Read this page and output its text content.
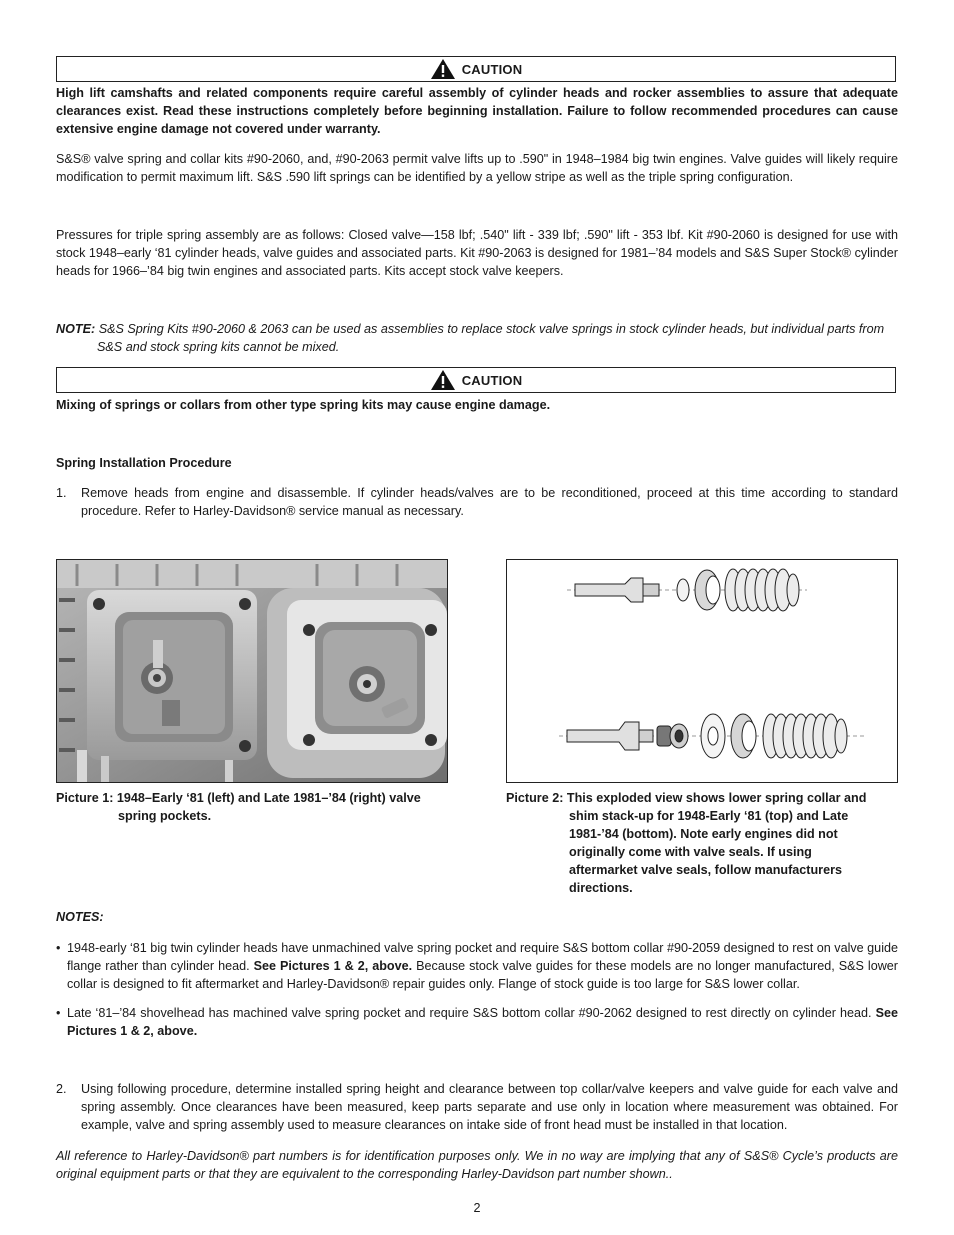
CAUTION

High lift camshafts and related components require careful assembly of cylinder heads and rocker assemblies to assure that adequate clearances exist. Read these instructions completely before beginning installation. Failure to follow recommended procedures can cause extensive engine damage not covered under warranty.

S&S® valve spring and collar kits #90-2060, and, #90-2063 permit valve lifts up to .590" in 1948–1984 big twin engines. Valve guides will likely require modification to permit maximum lift. S&S .590 lift springs can be identified by a yellow stripe as well as the triple spring configuration.

Pressures for triple spring assembly are as follows: Closed valve—158 lbf; .540" lift - 339 lbf; .590" lift - 353 lbf. Kit #90-2060 is designed for use with stock 1948–early ‘81 cylinder heads, valve guides and associated parts. Kit #90-2063 is designed for 1981–’84 models and S&S Super Stock® cylinder heads for 1966–’84 big twin engines and associated parts. Kits accept stock valve keepers.

NOTE: S&S Spring Kits #90-2060 & 2063 can be used as assemblies to replace stock valve springs in stock cylinder heads, but individual parts from S&S and stock spring kits cannot be mixed.

CAUTION

Mixing of springs or collars from other type spring kits may cause engine damage.

Spring Installation Procedure

1. Remove heads from engine and disassemble. If cylinder heads/valves are to be reconditioned, proceed at this time according to standard procedure. Refer to Harley-Davidson® service manual as necessary.

Picture 1: 1948–Early ‘81 (left) and Late 1981–’84 (right) valve spring pockets.
Picture 2: This exploded view shows lower spring collar and shim stack-up for 1948-Early ‘81 (top) and Late 1981-’84 (bottom). Note early engines did not originally come with valve seals. If using aftermarket valve seals, follow manufacturers directions.

NOTES:

• 1948-early ‘81 big twin cylinder heads have unmachined valve spring pocket and require S&S bottom collar #90-2059 designed to rest on valve guide flange rather than cylinder head. See Pictures 1 & 2, above. Because stock valve guides for these models are no longer manufactured, S&S lower collar is designed to fit aftermarket and Harley-Davidson® repair guides only. Flange of stock guide is too large for S&S lower collar.
• Late ‘81–’84 shovelhead has machined valve spring pocket and require S&S bottom collar #90-2062 designed to rest directly on cylinder head. See Pictures 1 & 2, above.
2. Using following procedure, determine installed spring height and clearance between top collar/valve keepers and valve guide for each valve and spring assembly. Once clearances have been measured, keep parts separate and use only in location where measurement was obtained. For example, valve and spring assembly used to measure clearances on intake side of front head must be installed in that location.

All reference to Harley-Davidson® part numbers is for identification purposes only. We in no way are implying that any of S&S® Cycle’s products are original equipment parts or that they are equivalent to the corresponding Harley-Davidson part number shown..

2
